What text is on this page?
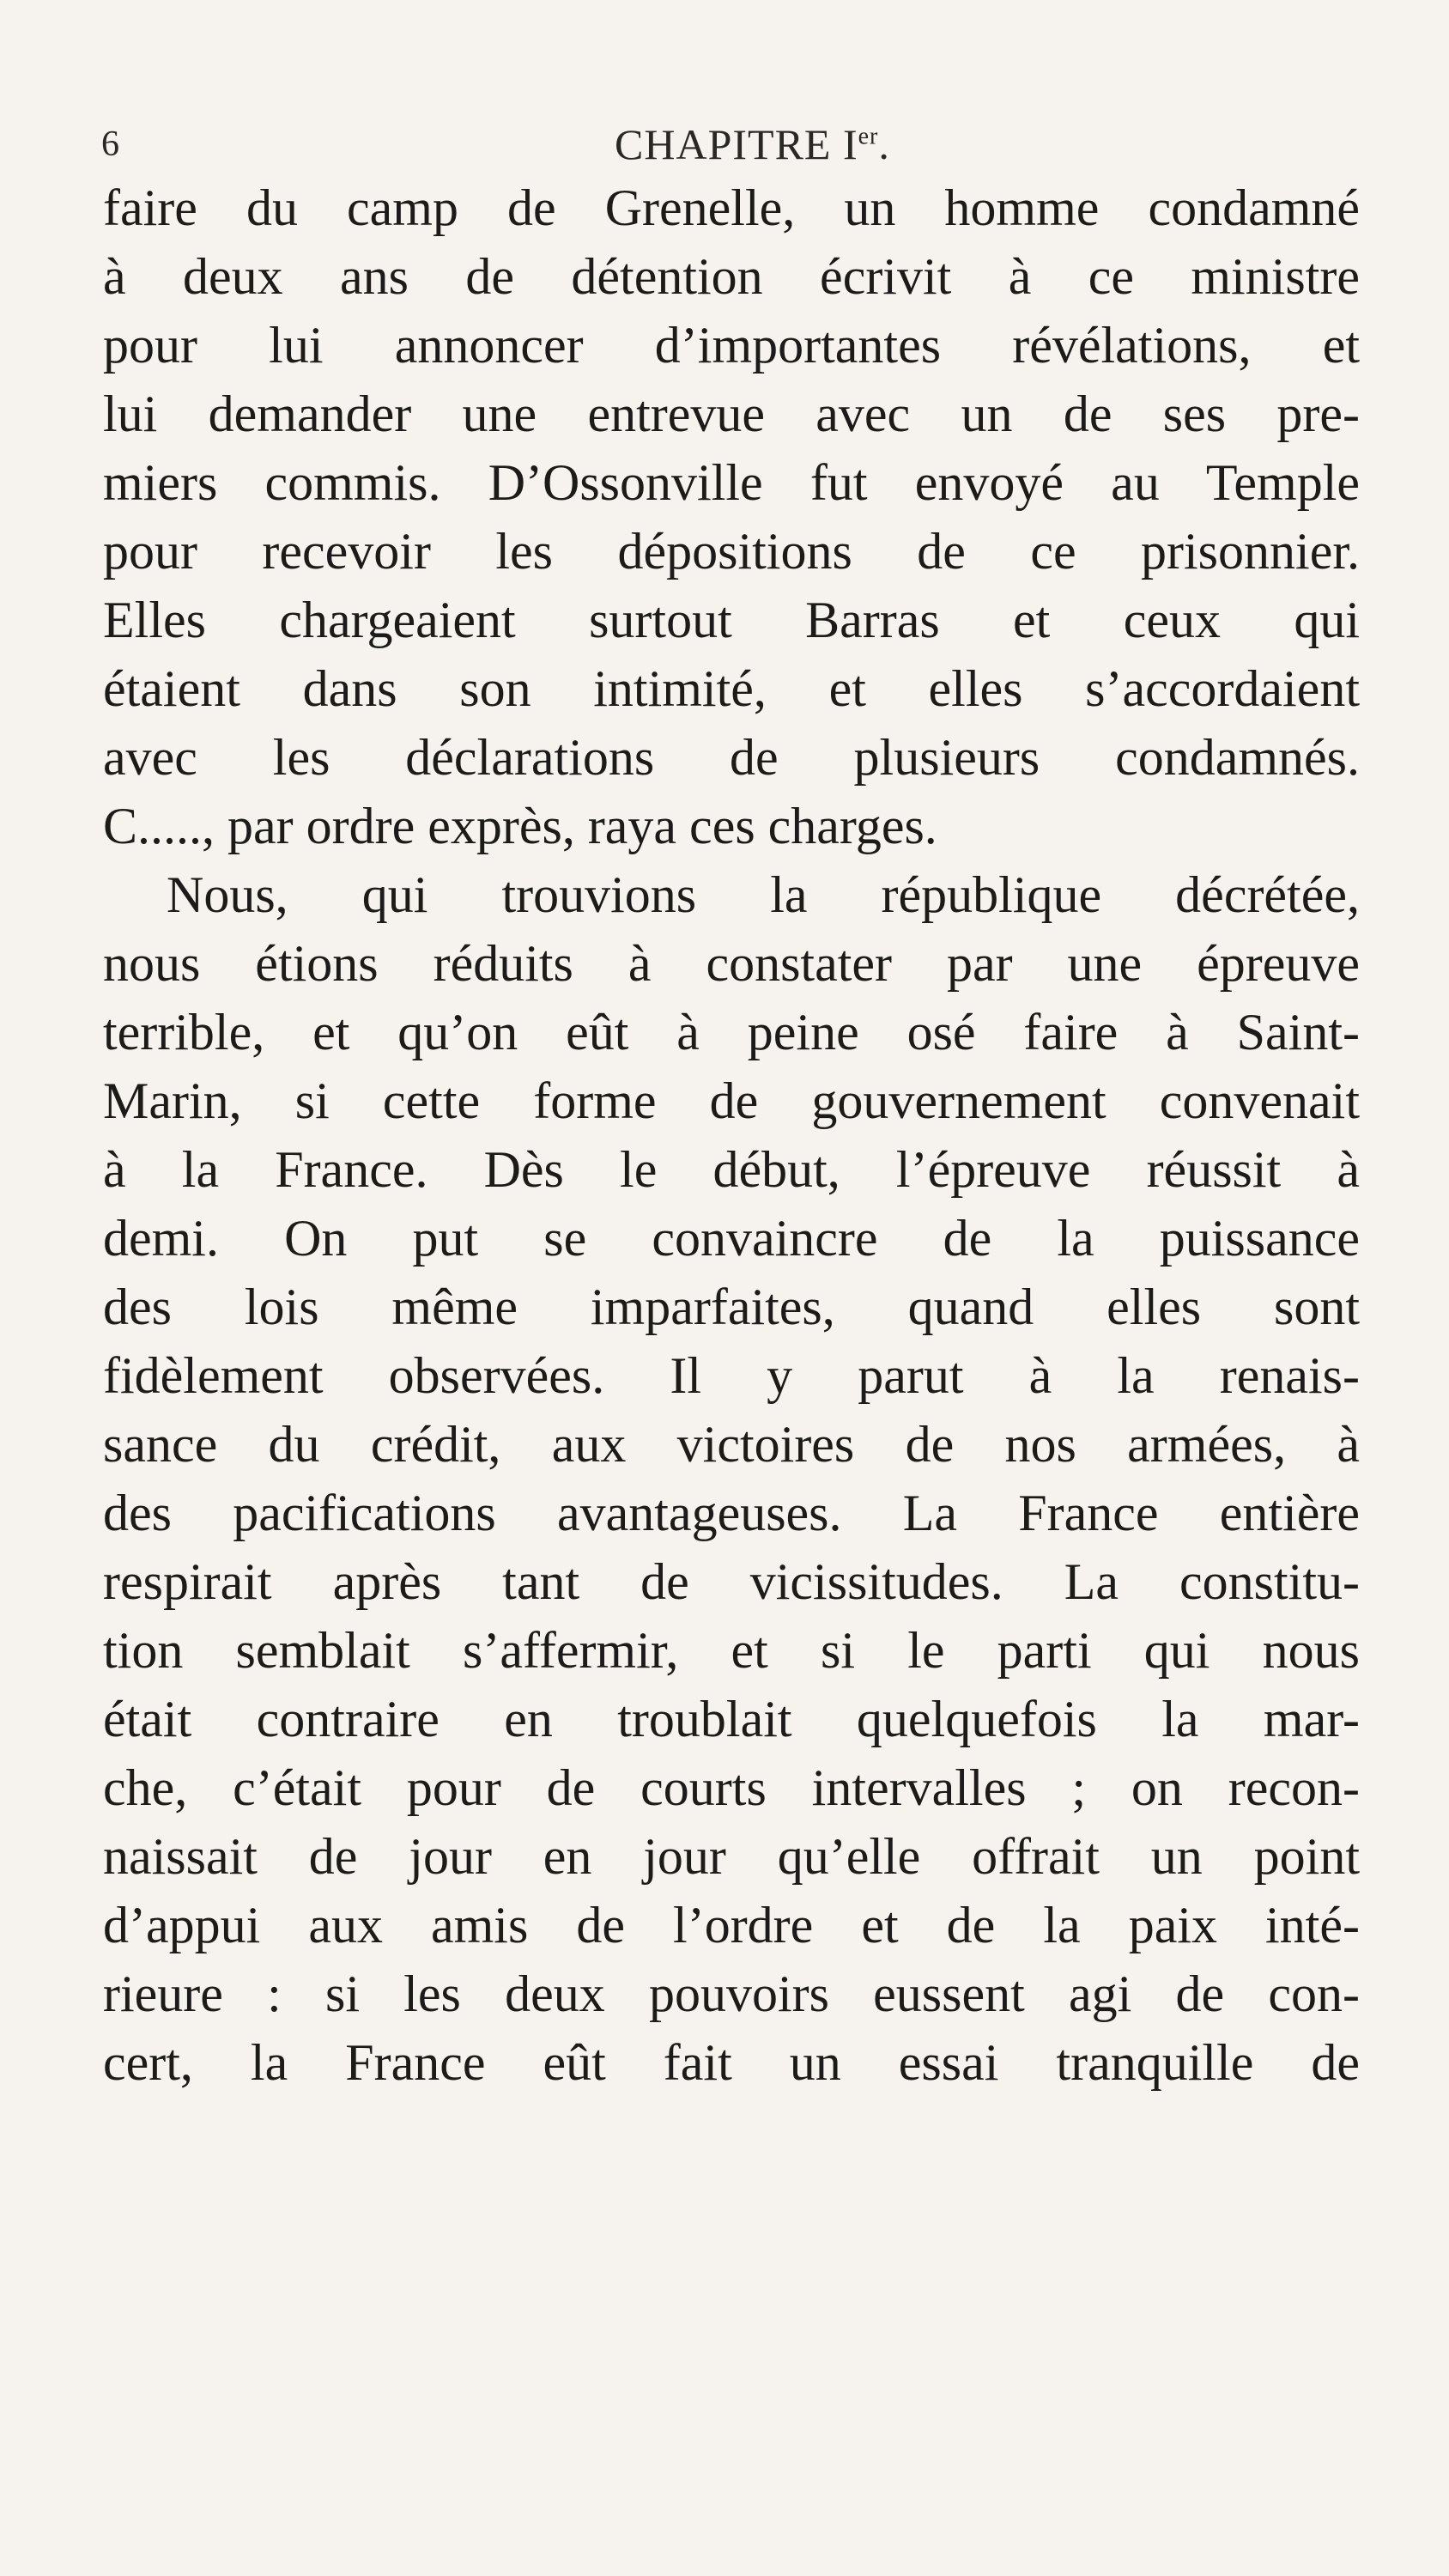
6	CHAPITRE Ier.
faire du camp de Grenelle, un homme condamné
à deux ans de détention écrivit à ce ministre
pour lui annoncer d’importantes révélations, et
lui demander une entrevue avec un de ses pre-
miers commis. D’Ossonville fut envoyé au Temple
pour recevoir les dépositions de ce prisonnier.
Elles chargeaient surtout Barras et ceux qui
étaient dans son intimité, et elles s’accordaient
avec les déclarations de plusieurs condamnés.
C....., par ordre exprès, raya ces charges.
Nous, qui trouvions la république décrétée,
nous étions réduits à constater par une épreuve
terrible, et qu’on eût à peine osé faire à Saint-
Marin, si cette forme de gouvernement convenait
à la France. Dès le début, l’épreuve réussit à
demi. On put se convaincre de la puissance
des lois même imparfaites, quand elles sont
fidèlement observées. Il y parut à la renais-
sance du crédit, aux victoires de nos armées, à
des pacifications avantageuses. La France entière
respirait après tant de vicissitudes. La constitu-
tion semblait s’affermir, et si le parti qui nous
était contraire en troublait quelquefois la mar-
che, c’était pour de courts intervalles ; on recon-
naissait de jour en jour qu’elle offrait un point
d’appui aux amis de l’ordre et de la paix inté-
rieure : si les deux pouvoirs eussent agi de con-
cert, la France eût fait un essai tranquille de
